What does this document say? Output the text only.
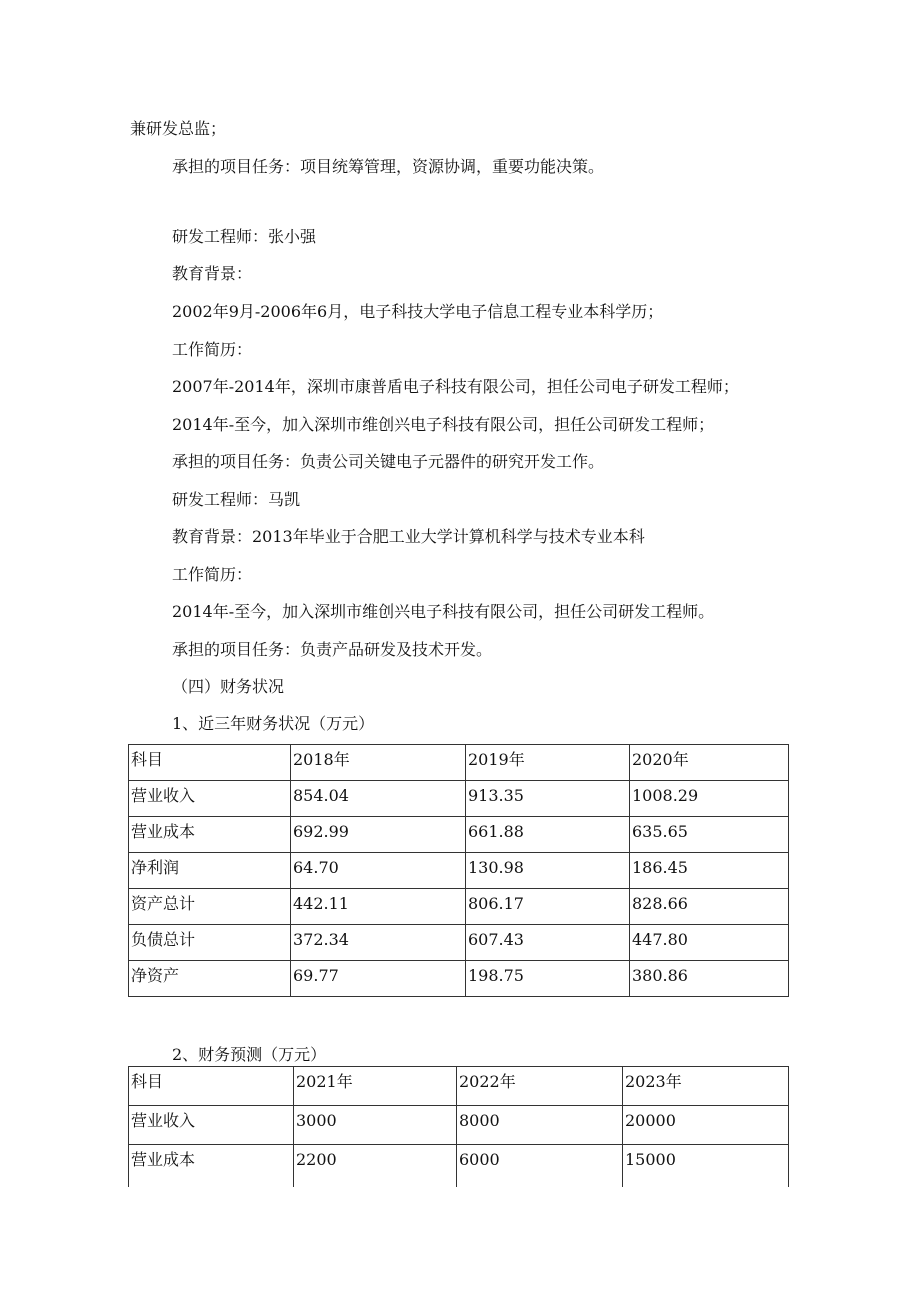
兼研发总监；
承担的项目任务：项目统筹管理，资源协调，重要功能决策。
研发工程师：张小强
教育背景：
2002年9月-2006年6月，电子科技大学电子信息工程专业本科学历；
工作简历：
2007年-2014年，深圳市康普盾电子科技有限公司，担任公司电子研发工程师；
2014年-至今，加入深圳市维创兴电子科技有限公司，担任公司研发工程师；
承担的项目任务：负责公司关键电子元器件的研究开发工作。
研发工程师：马凯
教育背景：2013年毕业于合肥工业大学计算机科学与技术专业本科
工作简历：
2014年-至今，加入深圳市维创兴电子科技有限公司，担任公司研发工程师。
承担的项目任务：负责产品研发及技术开发。
（四）财务状况
1、近三年财务状况（万元）
科目	2018年	2019年	2020年
营业收入	854.04	913.35	1008.29
营业成本	692.99	661.88	635.65
净利润	64.70	130.98	186.45
资产总计	442.11	806.17	828.66
负债总计	372.34	607.43	447.80
净资产	69.77	198.75	380.86
2、财务预测（万元）
科目	2021年	2022年	2023年
营业收入	3000	8000	20000
营业成本	2200	6000	15000
